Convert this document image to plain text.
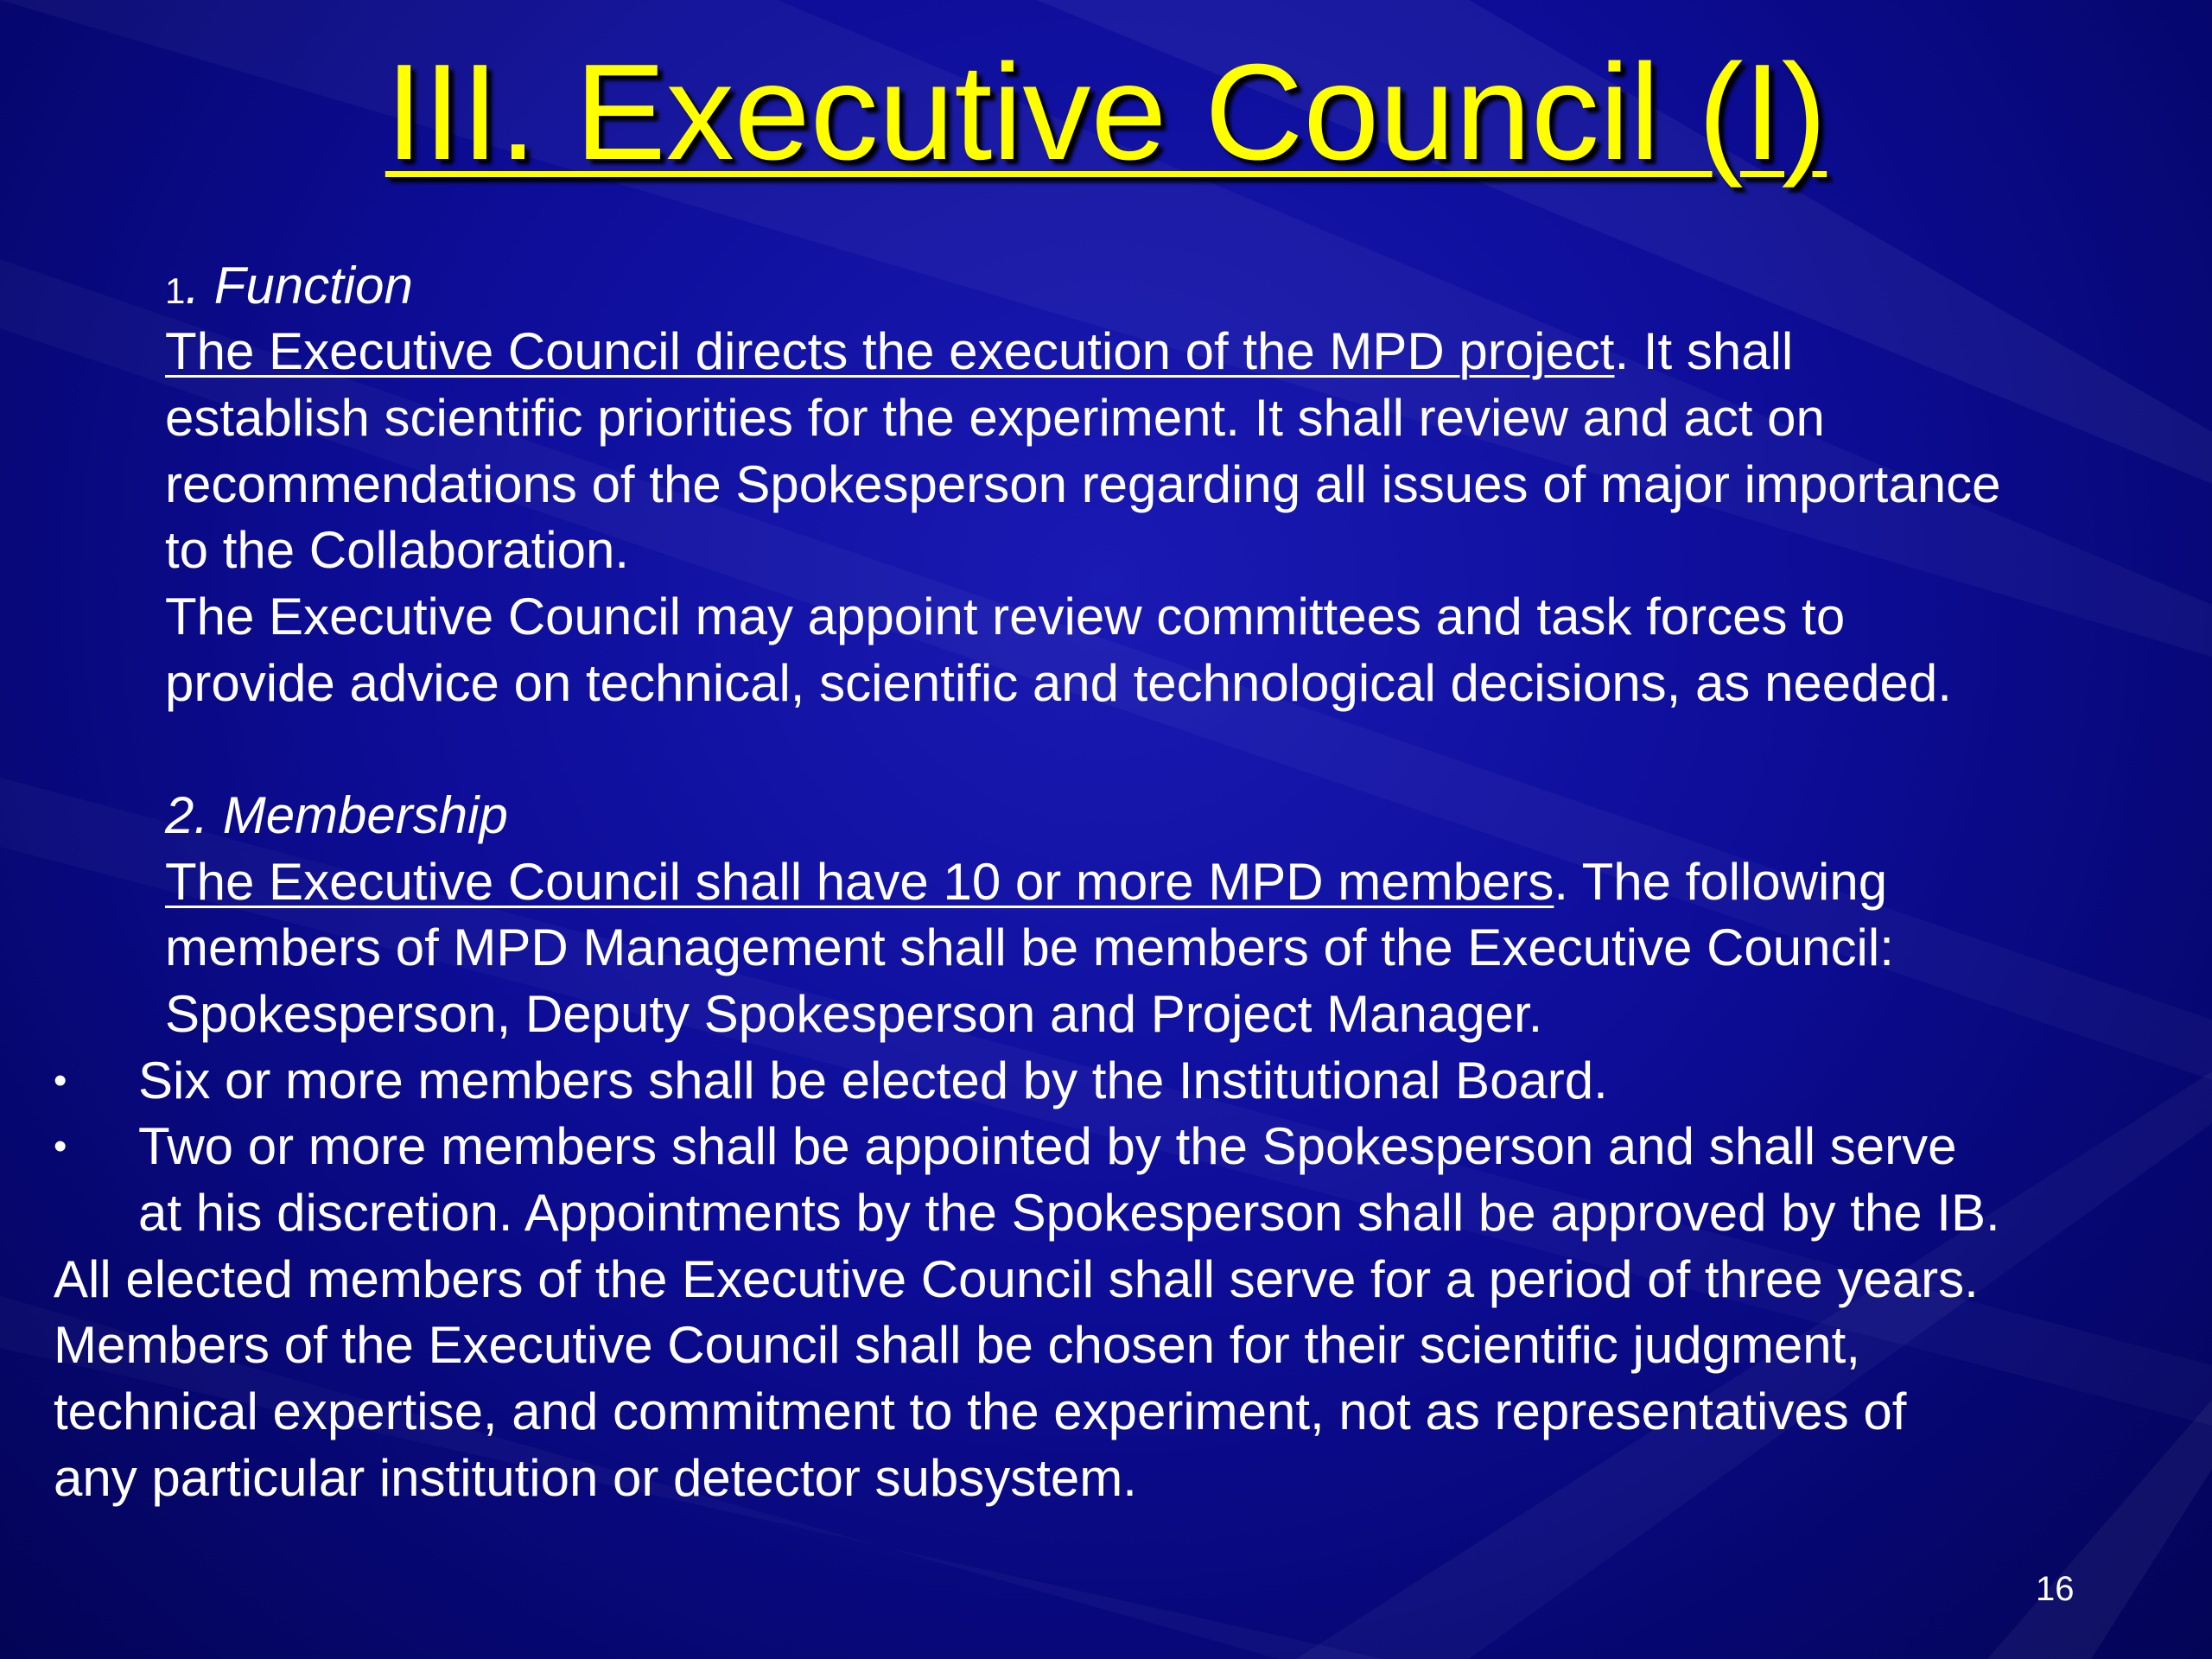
III. Executive Council (I)
1. Function
The Executive Council directs the execution of the MPD project. It shall
establish scientific priorities for the experiment. It shall review and act on
recommendations of the Spokesperson regarding all issues of major importance
to the Collaboration.
The Executive Council may appoint review committees and task forces to
provide advice on technical, scientific and technological decisions, as needed.
2. Membership
The Executive Council shall have 10 or more MPD members. The following
members of MPD Management shall be members of the Executive Council:
Spokesperson, Deputy Spokesperson and Project Manager.
• Six or more members shall be elected by the Institutional Board.
• Two or more members shall be appointed by the Spokesperson and shall serve
at his discretion. Appointments by the Spokesperson shall be approved by the IB.
All elected members of the Executive Council shall serve for a period of three years.
Members of the Executive Council shall be chosen for their scientific judgment,
technical expertise, and commitment to the experiment, not as representatives of
any particular institution or detector subsystem.
16
